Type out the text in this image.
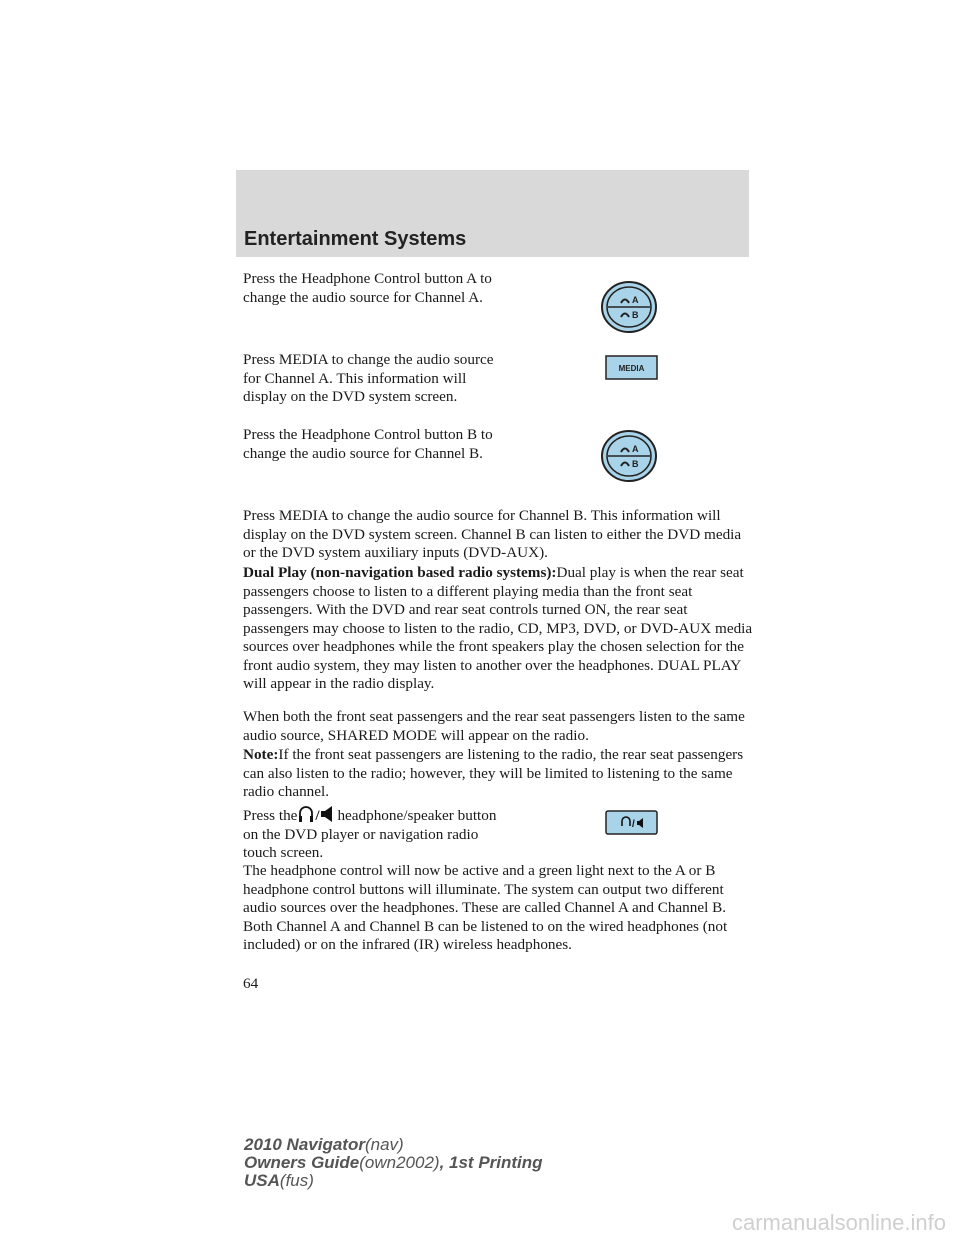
Entertainment Systems

Press the Headphone Control button A to change the audio source for Channel A.	A
B

Press MEDIA to change the audio source for Channel A. This information will display on the DVD system screen.

MEDIA

Press the Headphone Control button B to change the audio source for Channel B.	A
B

Press MEDIA to change the audio source for Channel B. This information will display on the DVD system screen. Channel B can listen to either the DVD media or the DVD system auxiliary inputs (DVD-AUX).

Dual Play (non-navigation based radio systems):Dual play is when the rear seat passengers choose to listen to a different playing media than the front seat passengers. With the DVD and rear seat controls turned ON, the rear seat passengers may choose to listen to the radio, CD, MP3, DVD, or DVD-AUX media sources over headphones while the front speakers play the chosen selection for the front audio system, they may listen to another over the headphones. DUAL PLAY will appear in the radio display.

When both the front seat passengers and the rear seat passengers listen to the same audio source, SHARED MODE will appear on the radio.

Note:If the front seat passengers are listening to the radio, the rear seat passengers can also listen to the radio; however, they will be limited to listening to the same radio channel.

Press the / headphone/speaker button on the DVD player or navigation radio touch screen.

/

The headphone control will now be active and a green light next to the A or B headphone control buttons will illuminate. The system can output two different audio sources over the headphones. These are called Channel A and Channel B. Both Channel A and Channel B can be listened to on the wired headphones (not included) or on the infrared (IR) wireless headphones.

64
2010 Navigator(nav)
Owners Guide(own2002), 1st Printing
USA(fus)
carmanualsonline.info
